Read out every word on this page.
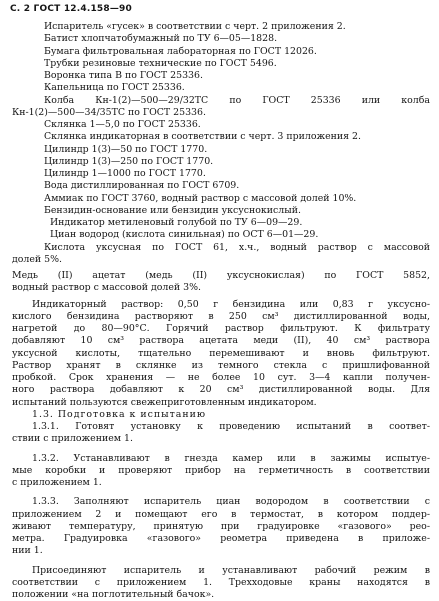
С. 2 ГОСТ 12.4.158—90
Испаритель «гусек» в соответствии с черт. 2 приложения 2.
Батист хлопчатобумажный по ТУ 6—05—1828.
Бумага фильтровальная лабораторная по ГОСТ 12026.
Трубки резиновые технические по ГОСТ 5496.
Воронка типа В по ГОСТ 25336.
Капельница по ГОСТ 25336.
Колба Кн-1(2)—500—29/32ТС по ГОСТ 25336 или колба
Кн-1(2)—500—34/35ТС по ГОСТ 25336.
Склянка 1—5,0 по ГОСТ 25336.
Склянка индикаторная в соответствии с черт. 3 приложения 2.
Цилиндр 1(3)—50 по ГОСТ 1770.
Цилиндр 1(3)—250 по ГОСТ 1770.
Цилиндр 1—1000 по ГОСТ 1770.
Вода дистиллированная по ГОСТ 6709.
Аммиак по ГОСТ 3760, водный раствор с массовой долей 10%.
Бензидин-основание или бензидин уксуснокислый.
Индикатор метиленовый голубой по ТУ 6—09—29.
Циан водород (кислота синильная) по ОСТ 6—01—29.
Кислота уксусная по ГОСТ 61, х.ч., водный раствор с массовой
долей 5%.
Медь (II) ацетат (медь (II) уксуснокислая) по ГОСТ 5852,
водный раствор с массовой долей 3%.
Индикаторный раствор: 0,50 г бензидина или 0,83 г уксусно-
кислого бензидина растворяют в 250 см³ дистиллированной воды,
нагретой до 80—90°С. Горячий раствор фильтруют. К фильтрату
добавляют 10 см³ раствора ацетата меди (II), 40 см³ раствора
уксусной кислоты, тщательно перемешивают и вновь фильтруют.
Раствор хранят в склянке из темного стекла с пришлифованной
пробкой. Срок хранения — не более 10 сут. 3—4 капли получен-
ного раствора добавляют к 20 см³ дистиллированной воды. Для
испытаний пользуются свежеприготовленным индикатором.
1.3. Подготовка к испытанию
1.3.1. Готовят установку к проведению испытаний в соответ-
ствии с приложением 1.
1.3.2. Устанавливают в гнезда камер или в зажимы испытуе-
мые коробки и проверяют прибор на герметичность в соответствии
с приложением 1.
1.3.3. Заполняют испаритель циан водородом в соответствии с
приложением 2 и помещают его в термостат, в котором поддер-
живают температуру, принятую при градуировке «газового» рео-
метра. Градуировка «газового» реометра приведена в приложе-
нии 1.
Присоединяют испаритель и устанавливают рабочий режим в
соответствии с приложением 1. Трехходовые краны находятся в
положении «на поглотительный бачок».
